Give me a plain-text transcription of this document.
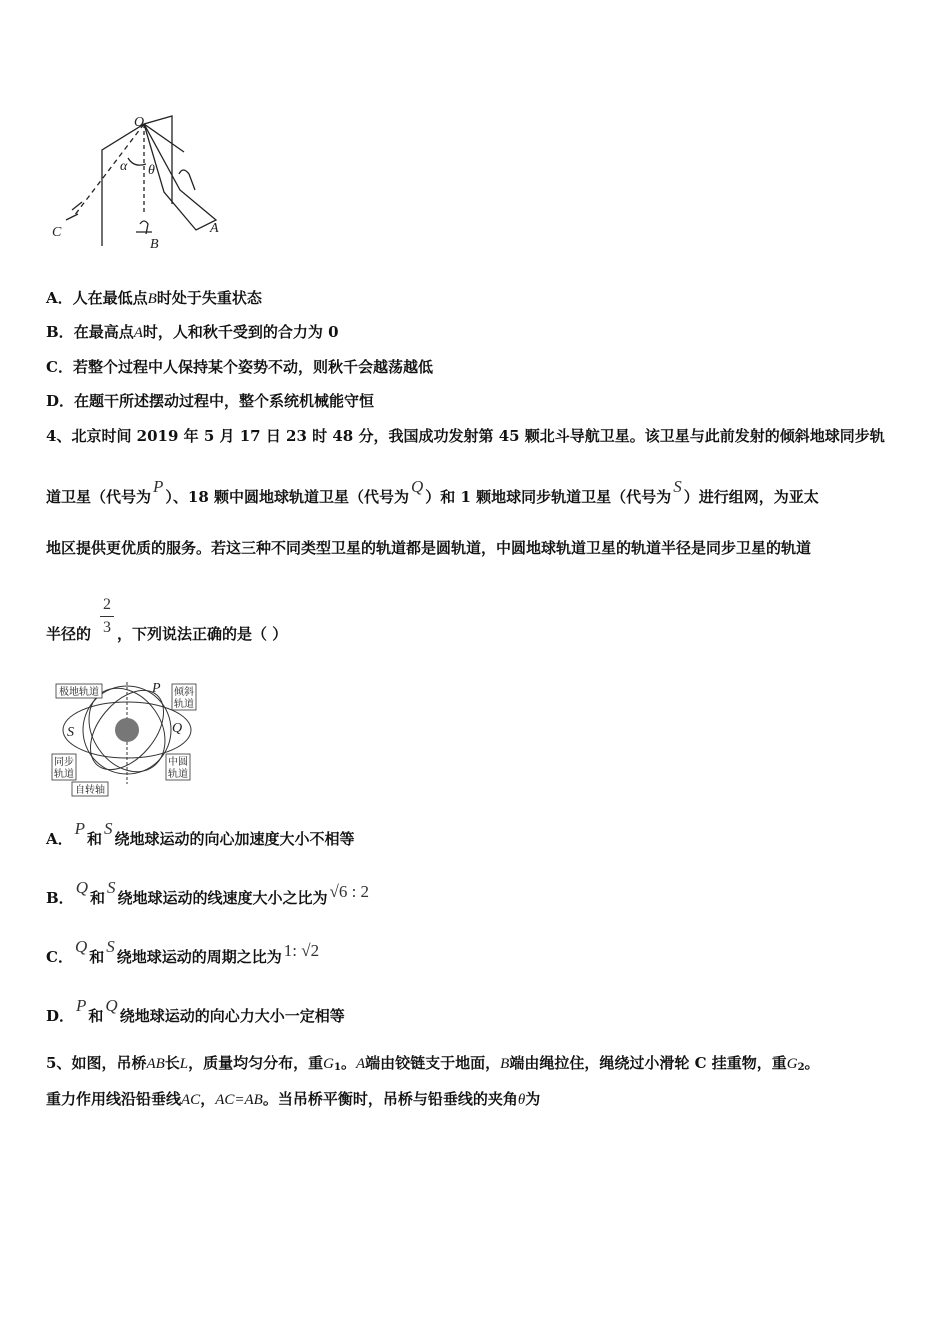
O
θ
α
A
B
C
A．人在最低点B时处于失重状态
B．在最高点A时，人和秋千受到的合力为 0
C．若整个过程中人保持某个姿势不动，则秋千会越荡越低
D．在题干所述摆动过程中，整个系统机械能守恒
4、北京时间 2019 年 5 月 17 日 23 时 48 分，我国成功发射第 45 颗北斗导航卫星。该卫星与此前发射的倾斜地球同步轨
道卫星（代号为P）、18 颗中圆地球轨道卫星（代号为Q）和 1 颗地球同步轨道卫星（代号为S）进行组网，为亚太
地区提供更优质的服务。若这三种不同类型卫星的轨道都是圆轨道，中圆地球轨道卫星的轨道半径是同步卫星的轨道
半径的 ，下列说法正确的是（ ）
2
3
极地轨道	P 倾斜
轨道
S	Q
同步
轨道
中圆
轨道
自转轴
A．P和S绕地球运动的向心加速度大小不相等
B．Q和S绕地球运动的线速度大小之比为 √6 : 2
C．Q和S绕地球运动的周期之比为 1: √2
D．P和Q绕地球运动的向心力大小一定相等
5、如图，吊桥AB长L，质量均匀分布，重$G_1$。A端由铰链支于地面，B端由绳拉住，绳绕过小滑轮 C 挂重物，重$G_2$。
重力作用线沿铅垂线AC，AC=AB。当吊桥平衡时，吊桥与铅垂线的夹角θ为
